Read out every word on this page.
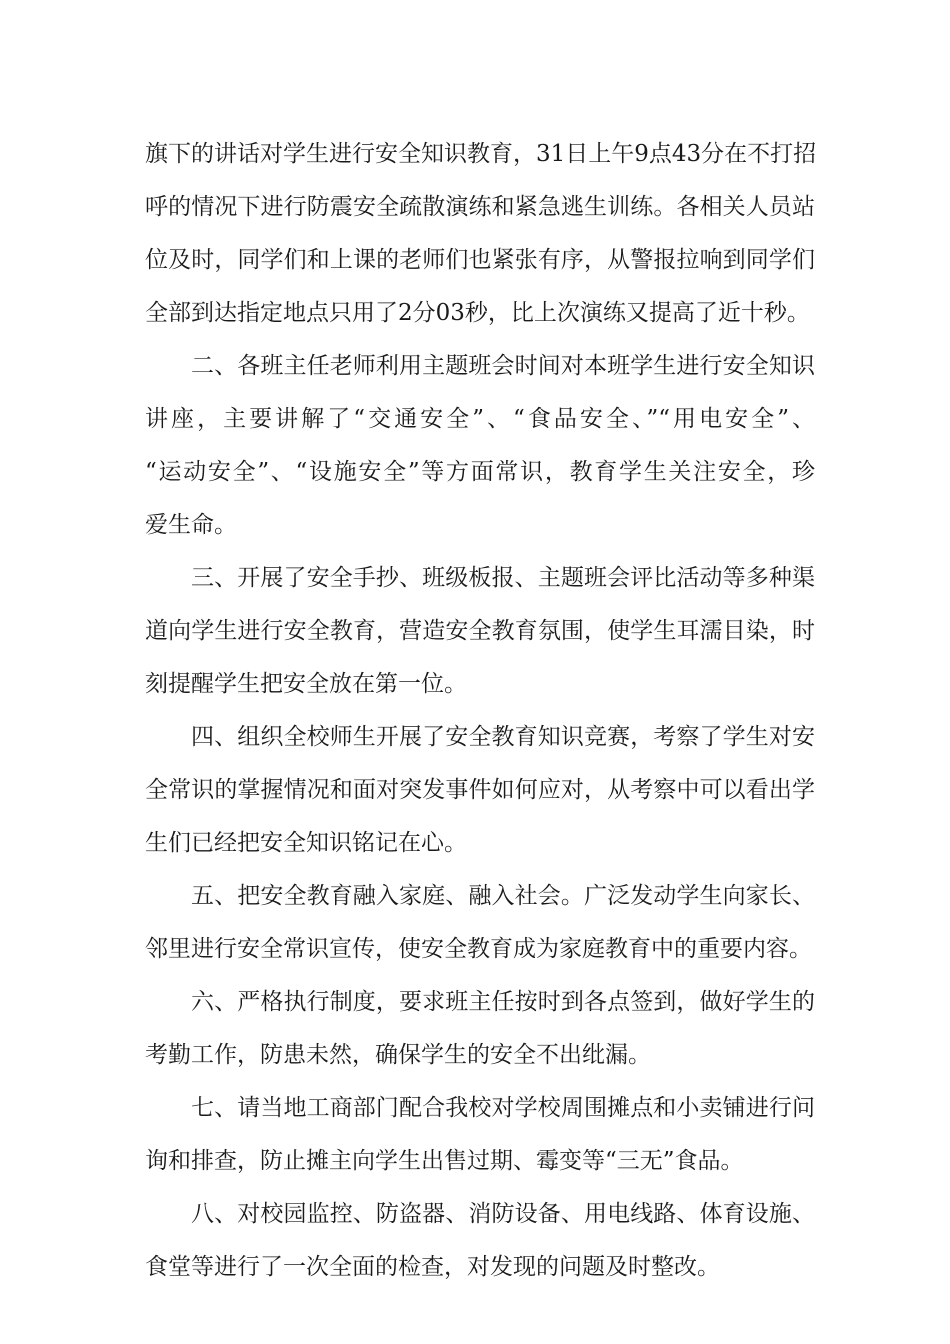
旗下的讲话对学生进行安全知识教育，31日上午9点43分在不打招
呼的情况下进行防震安全疏散演练和紧急逃生训练。各相关人员站
位及时，同学们和上课的老师们也紧张有序，从警报拉响到同学们
全部到达指定地点只用了2分03秒，比上次演练又提高了近十秒。
二、各班主任老师利用主题班会时间对本班学生进行安全知识
讲座，主要讲解了“交通安全”、“食品安全、”“用电安全”、
“运动安全”、“设施安全”等方面常识，教育学生关注安全，珍
爱生命。
三、开展了安全手抄、班级板报、主题班会评比活动等多种渠
道向学生进行安全教育，营造安全教育氛围，使学生耳濡目染，时
刻提醒学生把安全放在第一位。
四、组织全校师生开展了安全教育知识竞赛，考察了学生对安
全常识的掌握情况和面对突发事件如何应对，从考察中可以看出学
生们已经把安全知识铭记在心。
五、把安全教育融入家庭、融入社会。广泛发动学生向家长、
邻里进行安全常识宣传，使安全教育成为家庭教育中的重要内容。
六、严格执行制度，要求班主任按时到各点签到，做好学生的
考勤工作，防患未然，确保学生的安全不出纰漏。
七、请当地工商部门配合我校对学校周围摊点和小卖铺进行问
询和排查，防止摊主向学生出售过期、霉变等“三无”食品。
八、对校园监控、防盗器、消防设备、用电线路、体育设施、
食堂等进行了一次全面的检查，对发现的问题及时整改。
